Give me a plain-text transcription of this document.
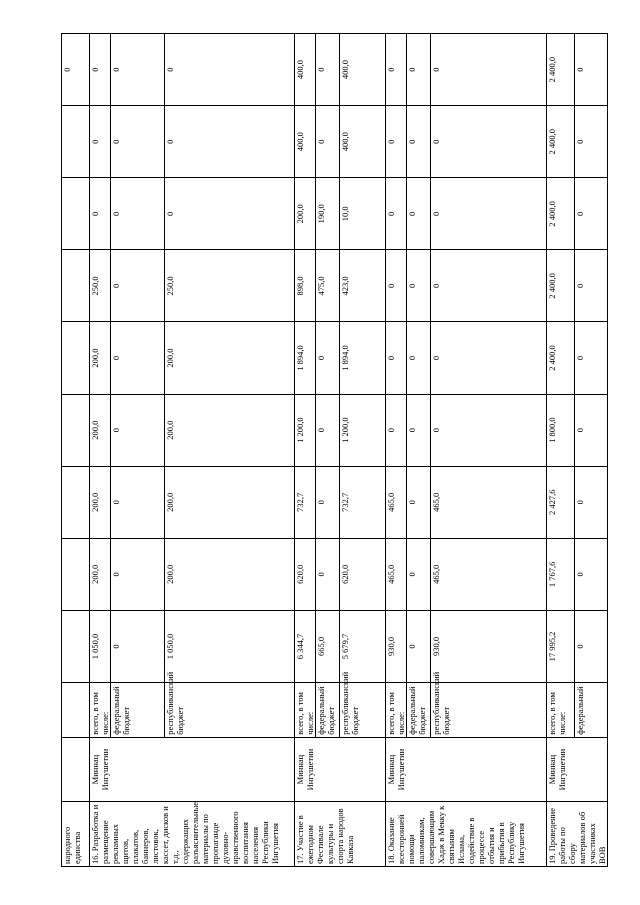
народного единства											0
16. Разработка и размещение рекламных щитов, плакатов, баннеров, листовок, кассет, дисков и т.д., содержащих разъяснительные материалы по пропаганде духовно-нравственного воспитания населения Республики Ингушетия	Миннац Ингушетии	всего, в том числе:	1 050,0	200,0	200,0	200,0	200,0	250,0	0	0	0
		федеральный бюджет	0	0	0	0	0	0	0	0	0
		республиканский бюджет	1 050,0	200,0	200,0	200,0	200,0	250,0	0	0	0
17. Участие в ежегодном Фестивале культуры и спорта народов Кавказа	Миннац Ингушетии	всего, в том числе:	6 344,7	620,0	732,7	1 200,0	1 894,0	898,0	200,0	400,0	400,0
		федеральный бюджет	665,0	0	0	0	0	475,0	190,0	0	0
		республиканский бюджет	5 679,7	620,0	732,7	1 200,0	1 894,0	423,0	10,0	400,0	400,0
18. Оказание всесторонней помощи паломникам, совершающим Хадж в Мекку к святыням Ислама, содействие в процессе отбытия и прибытия в Республику Ингушетия	Миннац Ингушетии	всего, в том числе:	930,0	465,0	465,0	0	0	0	0	0	0
		федеральный бюджет	0	0	0	0	0	0	0	0	0
		республиканский бюджет	930,0	465,0	465,0	0	0	0	0	0	0
19. Проведение работы по сбору материалов об участниках ВОВ	Миннац Ингушетии	всего, в том числе:	17 995,2	1 767,6	2 427,6	1 800,0	2 400,0	2 400,0	2 400,0	2 400,0	2 400,0
		федеральный	0	0	0	0	0	0	0	0	0
